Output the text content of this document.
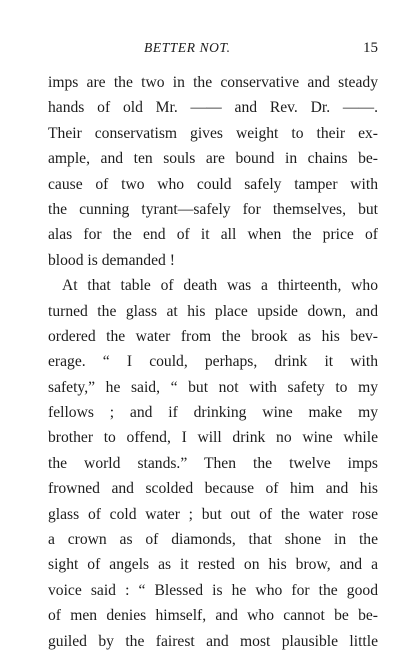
BETTER NOT.	15
imps are the two in the conservative and steady
hands of old Mr. —— and Rev. Dr. ——.
Their conservatism gives weight to their ex-
ample, and ten souls are bound in chains be-
cause of two who could safely tamper with
the cunning tyrant—safely for themselves, but
alas for the end of it all when the price of
blood is demanded !
At that table of death was a thirteenth, who
turned the glass at his place upside down, and
ordered the water from the brook as his bev-
erage. “ I could, perhaps, drink it with
safety,” he said, “ but not with safety to my
fellows ; and if drinking wine make my
brother to offend, I will drink no wine while
the world stands.” Then the twelve imps
frowned and scolded because of him and his
glass of cold water ; but out of the water rose
a crown as of diamonds, that shone in the
sight of angels as it rested on his brow, and a
voice said : “ Blessed is he who for the good
of men denies himself, and who cannot be be-
guiled by the fairest and most plausible little
